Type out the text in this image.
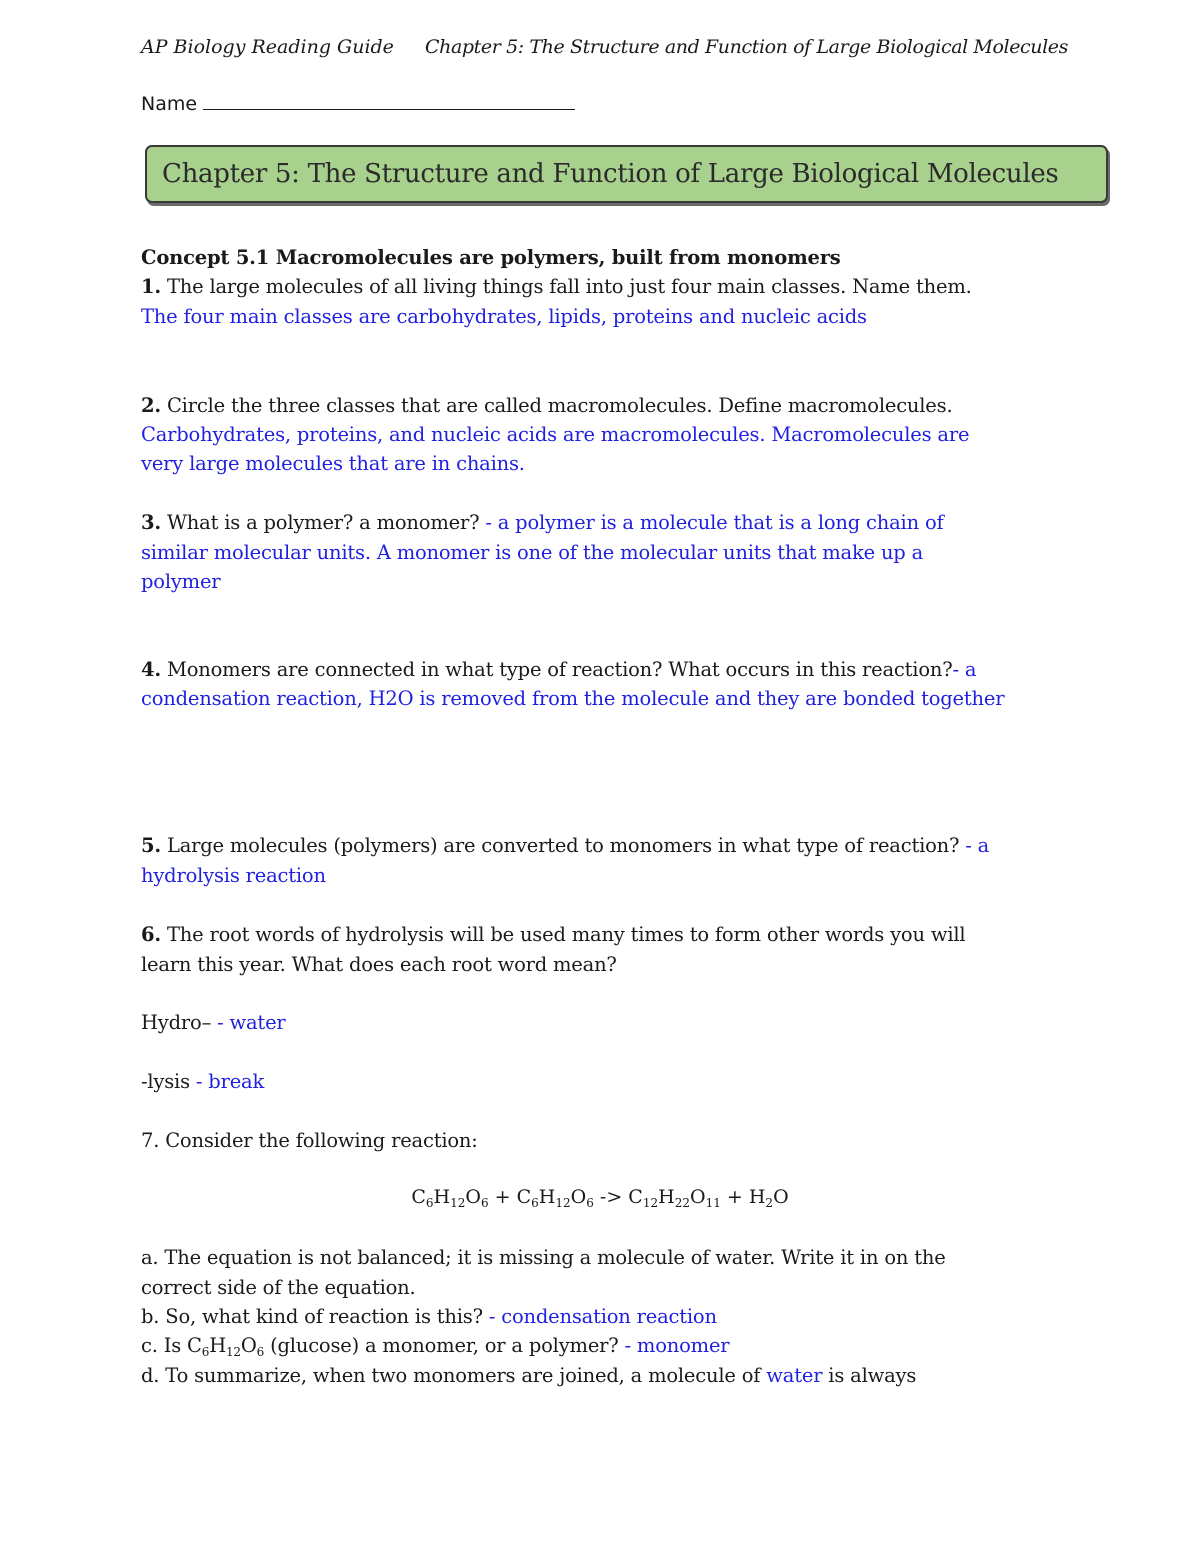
AP Biology Reading Guide Chapter 5: The Structure and Function of Large Biological Molecules
Name
Chapter 5: The Structure and Function of Large Biological Molecules
Concept 5.1 Macromolecules are polymers, built from monomers
1. The large molecules of all living things fall into just four main classes. Name them.
The four main classes are carbohydrates, lipids, proteins and nucleic acids
2. Circle the three classes that are called macromolecules. Define macromolecules.
Carbohydrates, proteins, and nucleic acids are macromolecules. Macromolecules are
very large molecules that are in chains.
3. What is a polymer? a monomer? - a polymer is a molecule that is a long chain of
similar molecular units. A monomer is one of the molecular units that make up a
polymer
4. Monomers are connected in what type of reaction? What occurs in this reaction?- a
condensation reaction, H2O is removed from the molecule and they are bonded together
5. Large molecules (polymers) are converted to monomers in what type of reaction? - a
hydrolysis reaction
6. The root words of hydrolysis will be used many times to form other words you will
learn this year. What does each root word mean?
Hydro– - water
-lysis - break
7. Consider the following reaction:
$C_6H_{12}O_6 + C_6H_{12}O_6 -> C_{12}H_{22}O_{11} + H_2O$
a. The equation is not balanced; it is missing a molecule of water. Write it in on the
correct side of the equation.
b. So, what kind of reaction is this? - condensation reaction
c. Is $C_6H_{12}O_6$ (glucose) a monomer, or a polymer? - monomer
d. To summarize, when two monomers are joined, a molecule of water is always
